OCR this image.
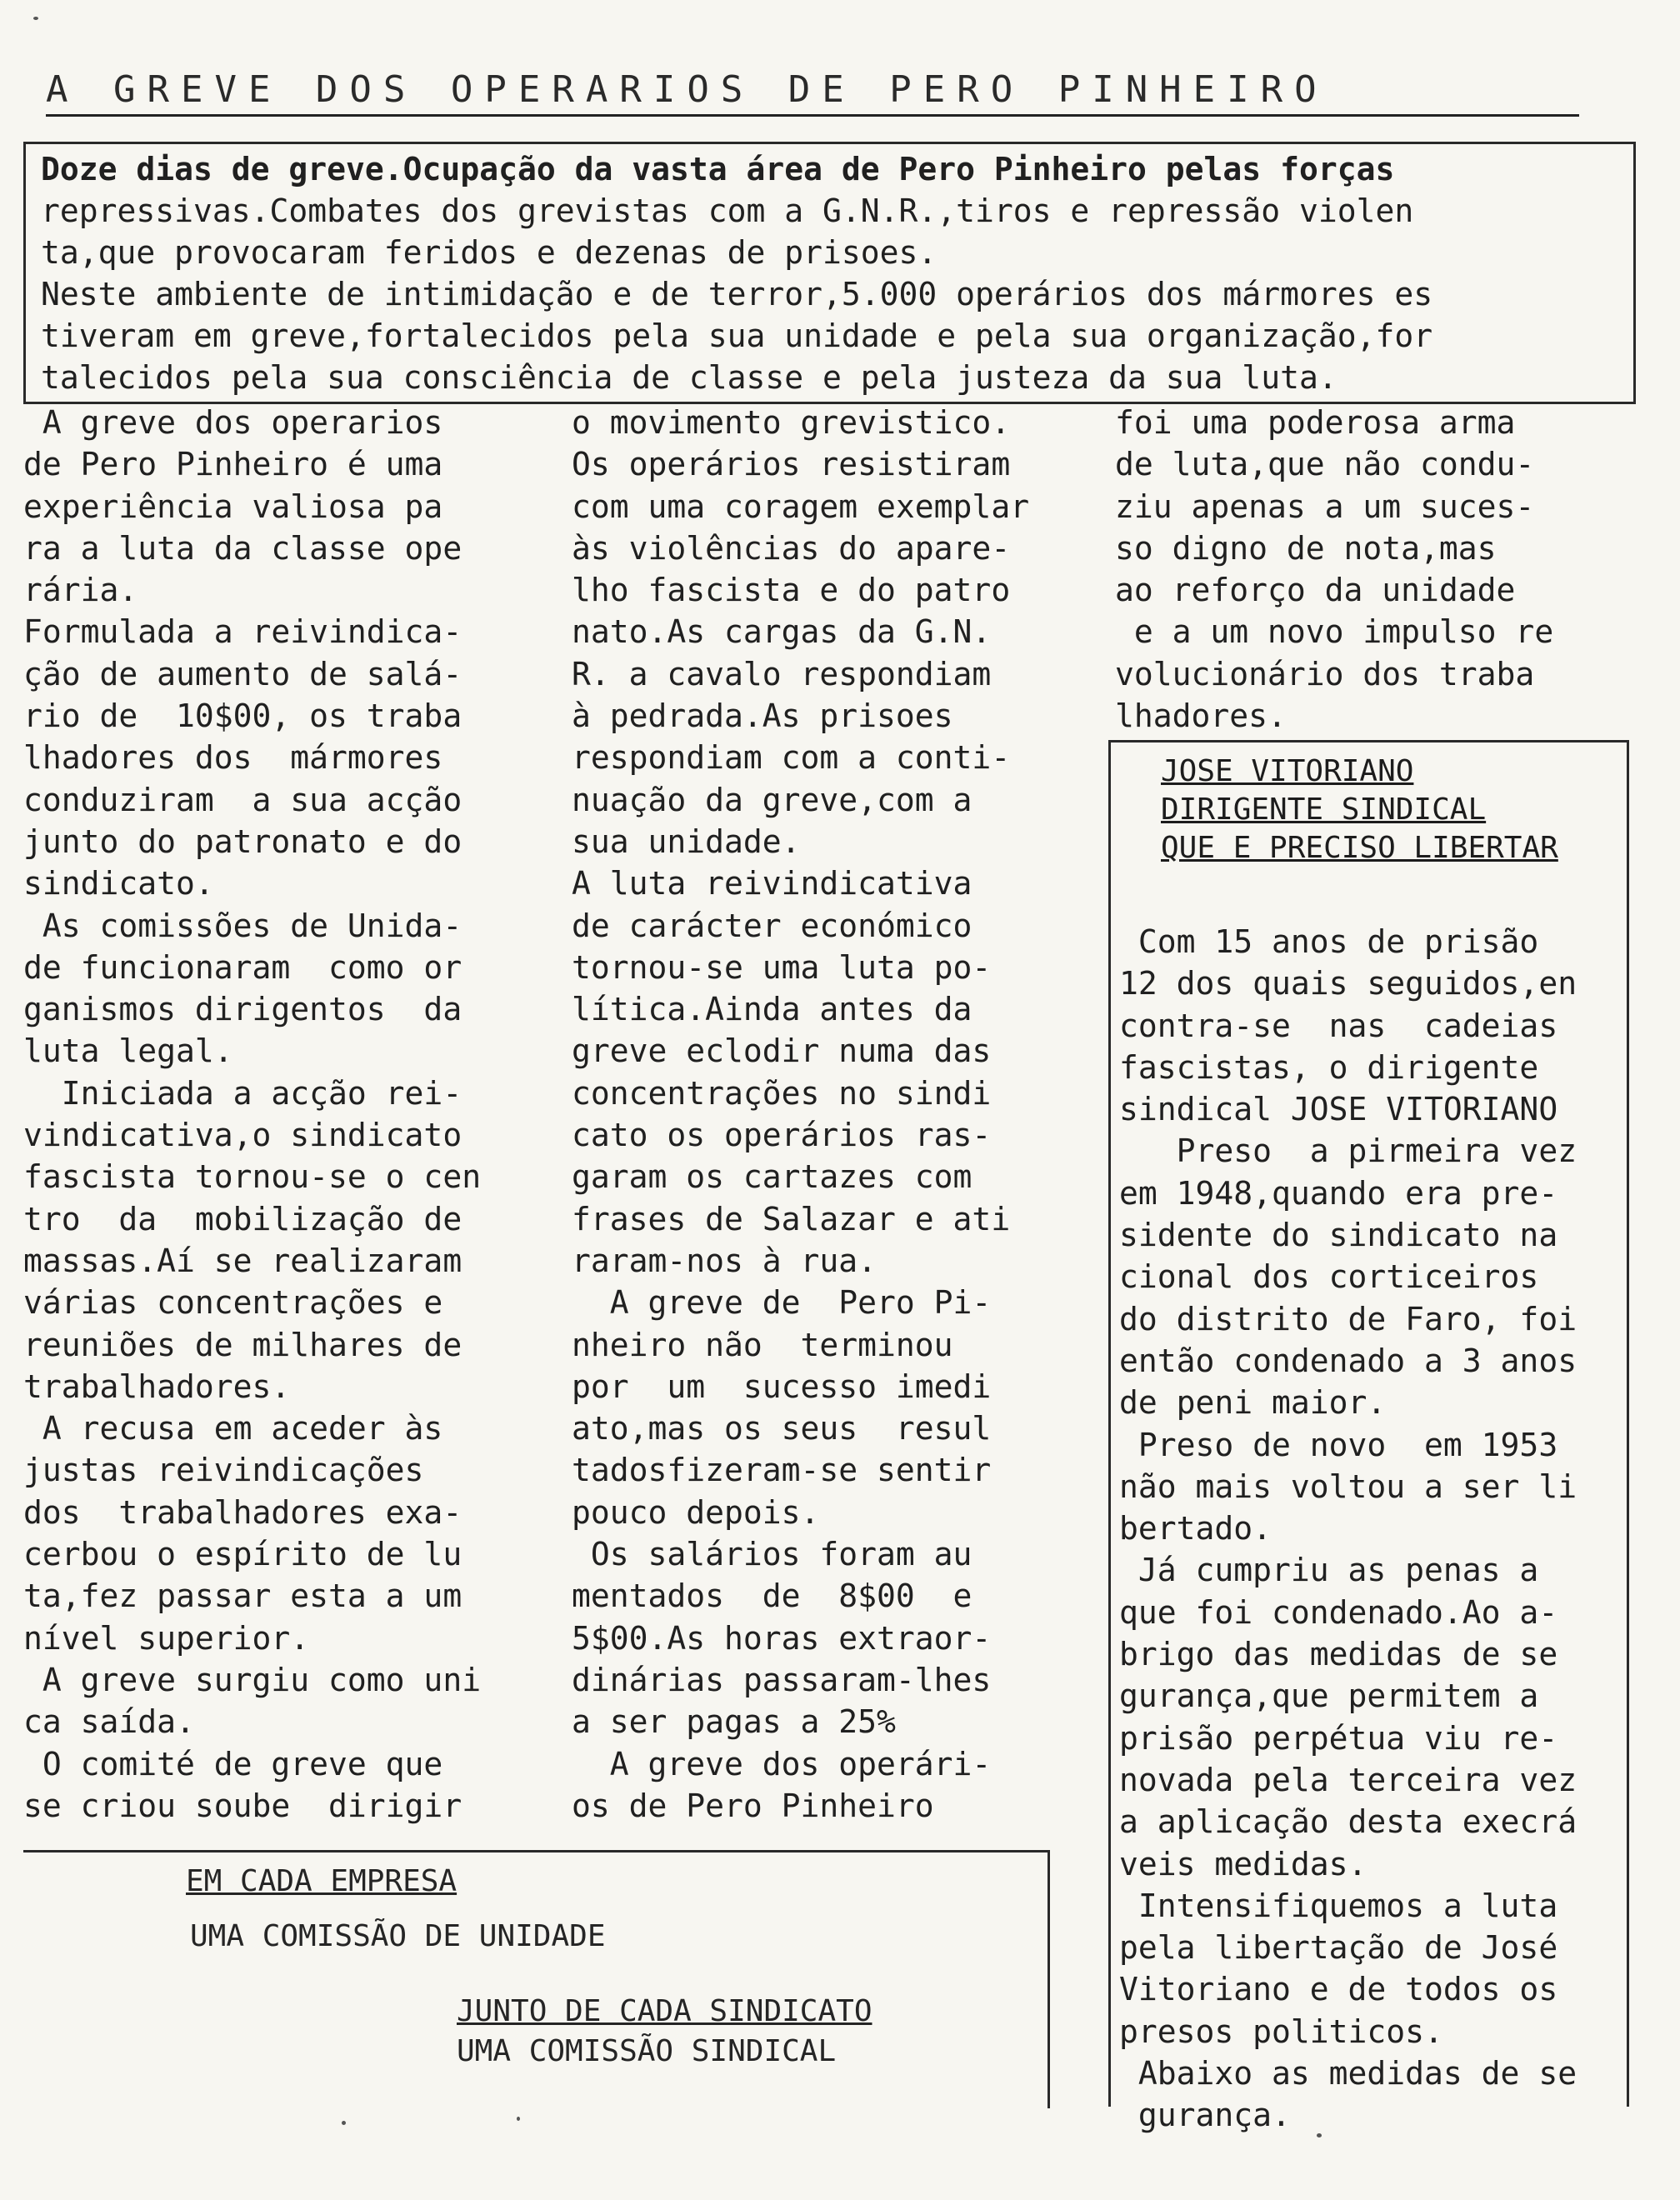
A GREVE DOS OPERARIOS DE PERO PINHEIRO
Doze dias de greve.Ocupação da vasta área de Pero Pinheiro pelas forças
repressivas.Combates dos grevistas com a G.N.R.,tiros e repressão violen
ta,que provocaram feridos e dezenas de prisoes.
Neste ambiente de intimidação e de terror,5.000 operários dos mármores es
tiveram em greve,fortalecidos pela sua unidade e pela sua organização,for
talecidos pela sua consciência de classe e pela justeza da sua luta.
A greve dos operarios
de Pero Pinheiro é uma
experiência valiosa pa
ra a luta da classe ope
rária.
Formulada a reivindica-
ção de aumento de salá-
rio de  10$00, os traba
lhadores dos  mármores
conduziram  a sua acção
junto do patronato e do
sindicato.
As comissões de Unida-
de funcionaram  como or
ganismos dirigentos  da
luta legal.
Iniciada a acção rei-
vindicativa,o sindicato
fascista tornou-se o cen
tro  da  mobilização de
massas.Aí se realizaram
várias concentrações e
reuniões de milhares de
trabalhadores.
A recusa em aceder às
justas reivindicações
dos  trabalhadores exa-
cerbou o espírito de lu
ta,fez passar esta a um
nível superior.
A greve surgiu como uni
ca saída.
O comité de greve que
se criou soube  dirigir
o movimento grevistico.
Os operários resistiram
com uma coragem exemplar
às violências do apare-
lho fascista e do patro
nato.As cargas da G.N.
R. a cavalo respondiam
à pedrada.As prisoes
respondiam com a conti-
nuação da greve,com a
sua unidade.
A luta reivindicativa
de carácter económico
tornou-se uma luta po-
lítica.Ainda antes da
greve eclodir numa das
concentrações no sindi
cato os operários ras-
garam os cartazes com
frases de Salazar e ati
raram-nos à rua.
A greve de  Pero Pi-
nheiro não  terminou
por  um  sucesso imedi
ato,mas os seus  resul
tadosfizeram-se sentir
pouco depois.
Os salários foram au
mentados  de  8$00  e
5$00.As horas extraor-
dinárias passaram-lhes
a ser pagas a 25%
A greve dos operári-
os de Pero Pinheiro
foi uma poderosa arma
de luta,que não condu-
ziu apenas a um suces-
so digno de nota,mas
ao reforço da unidade
e a um novo impulso re
volucionário dos traba
lhadores.
JOSE VITORIANO
DIRIGENTE SINDICAL
QUE E PRECISO LIBERTAR
Com 15 anos de prisão
12 dos quais seguidos,en
contra-se  nas  cadeias
fascistas, o dirigente
sindical JOSE VITORIANO
Preso  a pirmeira vez
em 1948,quando era pre-
sidente do sindicato na
cional dos corticeiros
do distrito de Faro, foi
então condenado a 3 anos
de peni maior.
Preso de novo  em 1953
não mais voltou a ser li
bertado.
Já cumpriu as penas a
que foi condenado.Ao a-
brigo das medidas de se
gurança,que permitem a
prisão perpétua viu re-
novada pela terceira vez
a aplicação desta execrá
veis medidas.
Intensifiquemos a luta
pela libertação de José
Vitoriano e de todos os
presos politicos.
Abaixo as medidas de se
gurança.
EM CADA EMPRESA
UMA COMISSÃO DE UNIDADE
JUNTO DE CADA SINDICATO
UMA COMISSÃO SINDICAL
